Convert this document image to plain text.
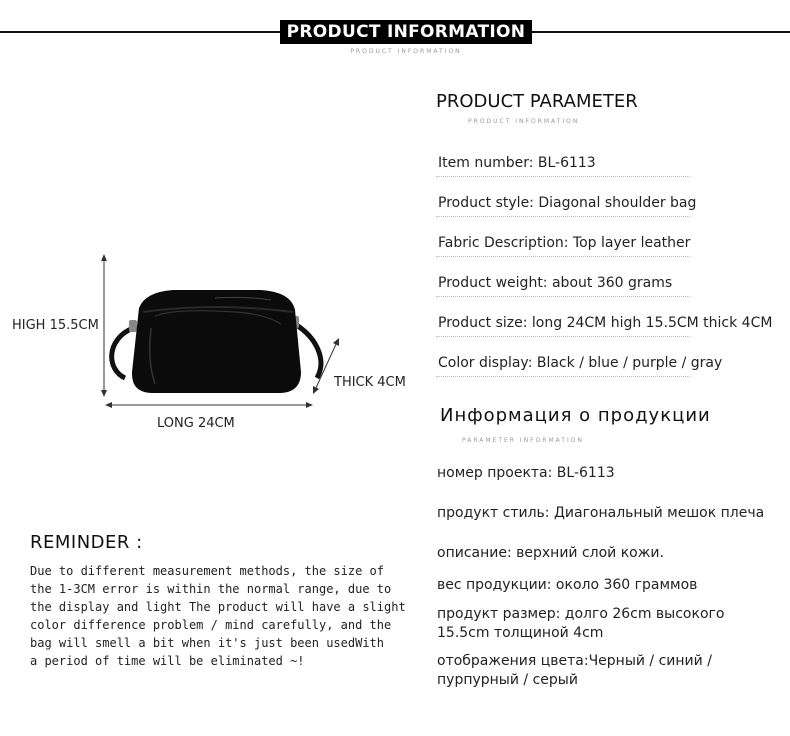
PRODUCT INFORMATION
PRODUCT INFORMATION
PRODUCT PARAMETER
PRODUCT INFORMATION
Item number: BL-6113
Product style: Diagonal shoulder bag
Fabric Description: Top layer leather
Product weight: about 360 grams
Product size: long 24CM high 15.5CM thick 4CM
Color display: Black / blue / purple / gray
Информация о продукции
PARAMETER INFORMATION
номер проекта: BL-6113
продукт стиль: Диагональный мешок плеча
описание: верхний слой кожи.
вес продукции: около 360 граммов
продукт размер: долго 26cm высокого 15.5cm толщиной 4cm
отображения цвета:Черный / синий / пурпурный / серый
HIGH 15.5CM
THICK 4CM
LONG 24CM
REMINDER :
Due to different measurement methods, the size of
the 1-3CM error is within the normal range, due to
the display and light The product will have a slight
color difference problem / mind carefully, and the
bag will smell a bit when it's just been usedWith
a period of time will be eliminated ~!
